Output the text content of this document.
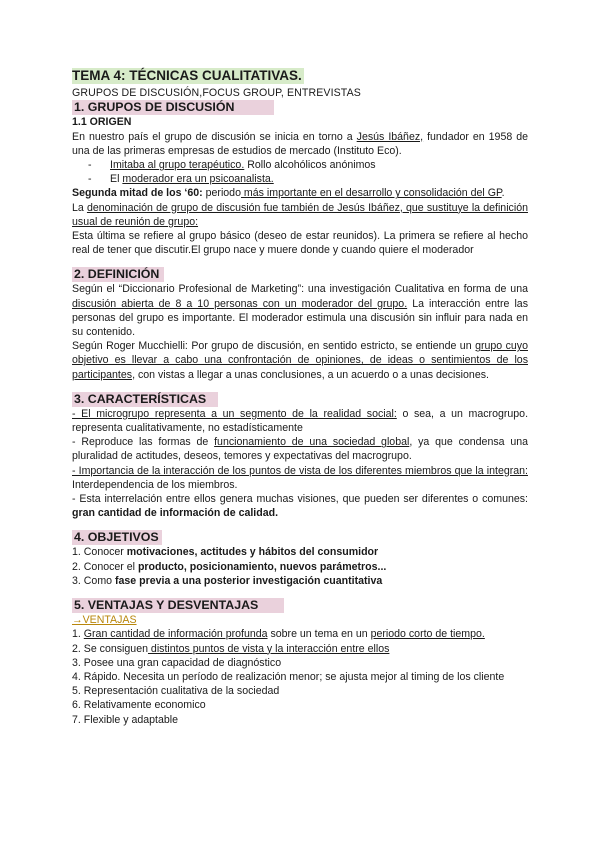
TEMA 4: TÉCNICAS CUALITATIVAS.
GRUPOS DE DISCUSIÓN,FOCUS GROUP, ENTREVISTAS
1. GRUPOS DE DISCUSIÓN
1.1 ORIGEN

En nuestro país el grupo de discusión se inicia en torno a Jesús Ibáñez, fundador en 1958 de una de las primeras empresas de estudios de mercado (Instituto Eco).

-	Imitaba al grupo terapéutico. Rollo alcohólicos anónimos
-	El moderador era un psicoanalista.

Segunda mitad de los ‘60: periodo más importante en el desarrollo y consolidación del GP.

La denominación de grupo de discusión fue también de Jesús Ibáñez, que sustituye la definición usual de reunión de grupo:

Esta última se refiere al grupo básico (deseo de estar reunidos). La primera se refiere al hecho real de tener que discutir.El grupo nace y muere donde y cuando quiere el moderador

2. DEFINICIÓN

Según el “Diccionario Profesional de Marketing”: una investigación Cualitativa en forma de una discusión abierta de 8 a 10 personas con un moderador del grupo. La interacción entre las personas del grupo es importante. El moderador estimula una discusión sin influir para nada en su contenido.

Según Roger Mucchielli: Por grupo de discusión, en sentido estricto, se entiende un grupo cuyo objetivo es llevar a cabo una confrontación de opiniones, de ideas o sentimientos de los participantes, con vistas a llegar a unas conclusiones, a un acuerdo o a unas decisiones.

3. CARACTERÍSTICAS

- El microgrupo representa a un segmento de la realidad social: o sea, a un macrogrupo. representa cualitativamente, no estadísticamente

- Reproduce las formas de funcionamiento de una sociedad global, ya que condensa una pluralidad de actitudes, deseos, temores y expectativas del macrogrupo.

- Importancia de la interacción de los puntos de vista de los diferentes miembros que la integran: Interdependencia de los miembros.

- Esta interrelación entre ellos genera muchas visiones, que pueden ser diferentes o comunes: gran cantidad de información de calidad.

4. OBJETIVOS

1. Conocer motivaciones, actitudes y hábitos del consumidor

2. Conocer el producto, posicionamiento, nuevos parámetros...

3. Como fase previa a una posterior investigación cuantitativa

5. VENTAJAS Y DESVENTAJAS
→VENTAJAS

1. Gran cantidad de información profunda sobre un tema en un periodo corto de tiempo.

2. Se consiguen distintos puntos de vista y la interacción entre ellos

3. Posee una gran capacidad de diagnóstico

4. Rápido. Necesita un período de realización menor; se ajusta mejor al timing de los cliente

5. Representación cualitativa de la sociedad

6. Relativamente economico

7. Flexible y adaptable
